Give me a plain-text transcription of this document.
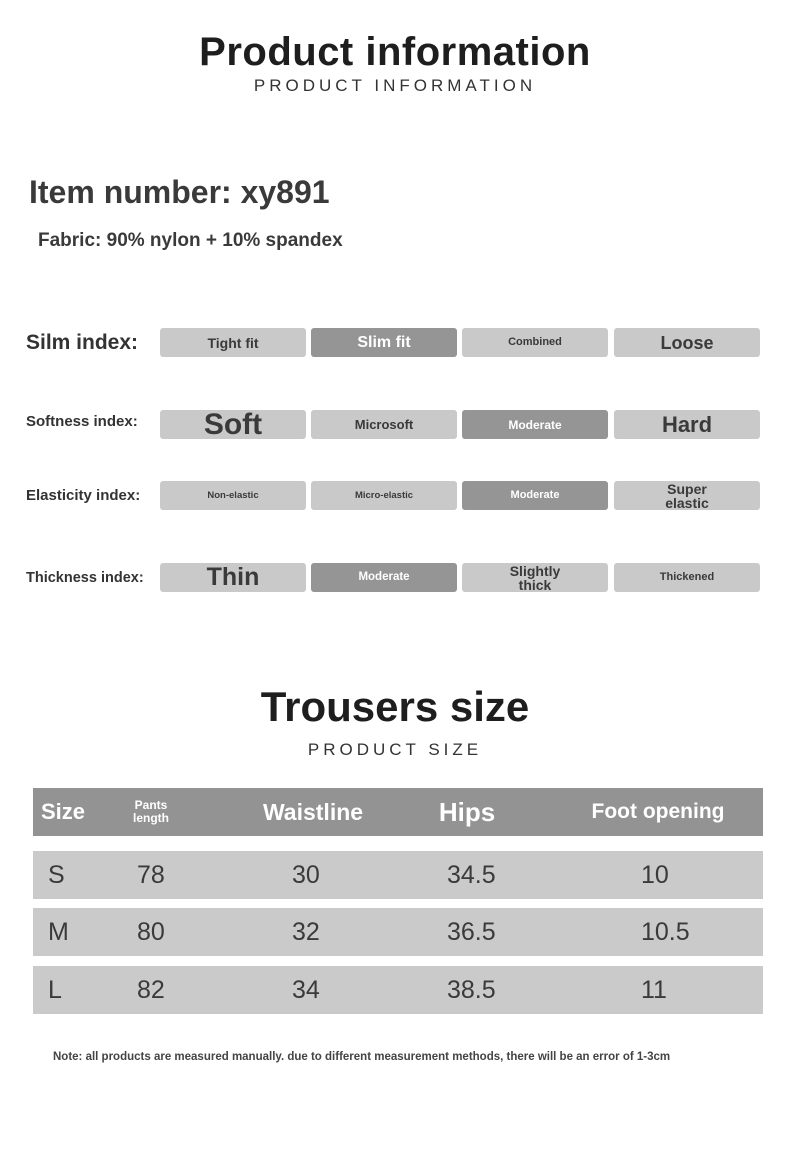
Product information
PRODUCT INFORMATION
Item number: xy891
Fabric: 90% nylon + 10% spandex
Silm index:	Tight fit	Slim fit	Combined	Loose
Softness index:	Soft	Microsoft	Moderate	Hard
Elasticity index:	Non-elastic	Micro-elastic	Moderate	Super elastic
Thickness index:	Thin	Moderate	Slightly thick	Thickened
Trousers size
PRODUCT SIZE
Size	Pants length	Waistline	Hips	Foot opening
S	78	30	34.5	10
M	80	32	36.5	10.5
L	82	34	38.5	11
Note: all products are measured manually. due to different measurement methods, there will be an error of 1-3cm
